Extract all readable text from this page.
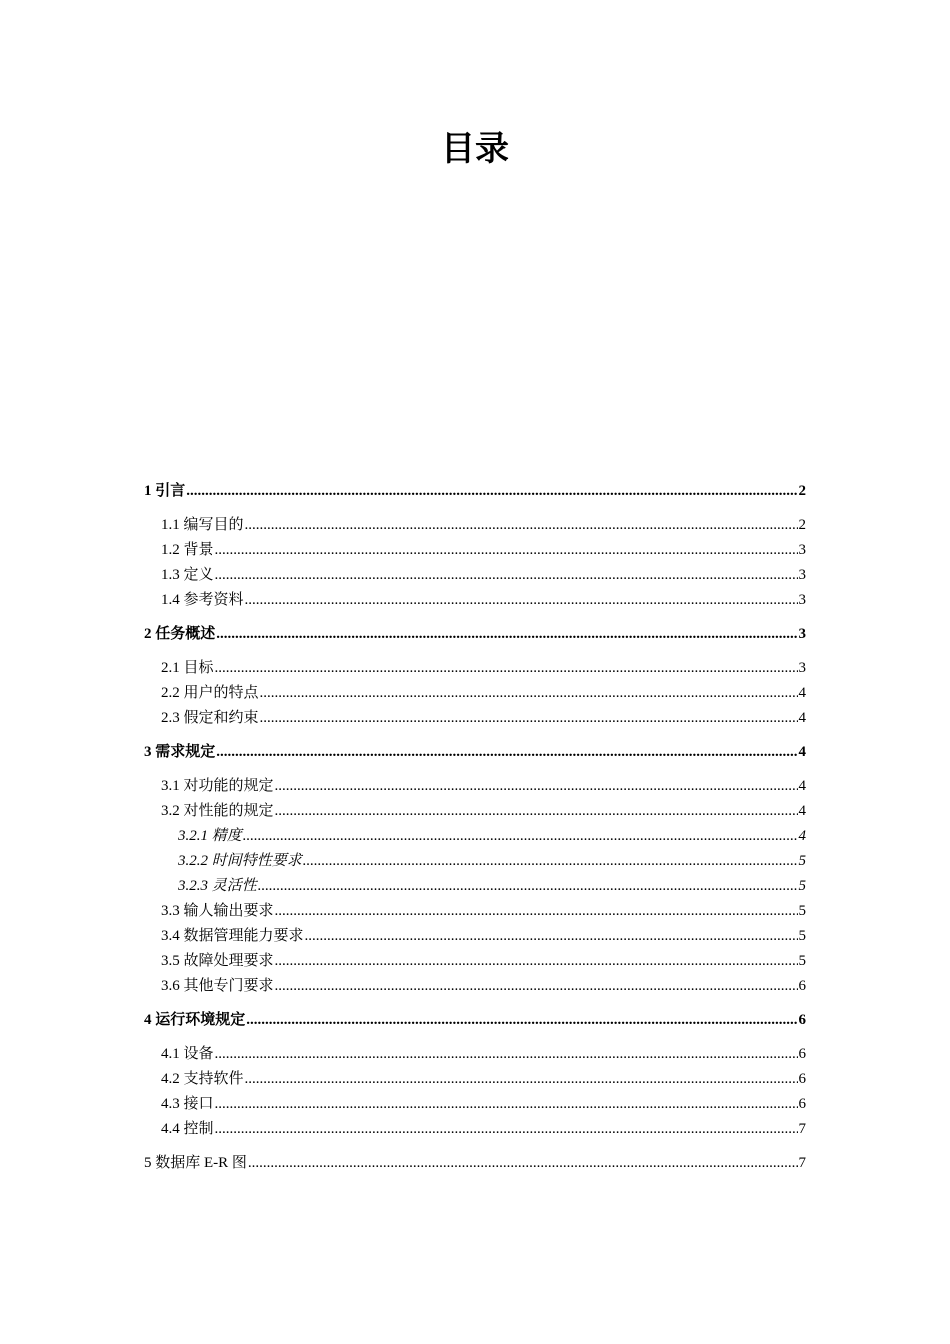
目录
1 引言 .....	2
1.1 编写目的 .....	2
1.2 背景 .....	3
1.3 定义 .....	3
1.4 参考资料 .....	3
2 任务概述 .....	3
2.1 目标 .....	3
2.2 用户的特点 .....	4
2.3 假定和约束 .....	4
3 需求规定 .....	4
3.1 对功能的规定 .....	4
3.2 对性能的规定 .....	4
3.2.1 精度 .....	4
3.2.2 时间特性要求 .....	5
3.2.3 灵活性 .....	5
3.3 输人输出要求 .....	5
3.4 数据管理能力要求 .....	5
3.5 故障处理要求 .....	5
3.6 其他专门要求 .....	6
4 运行环境规定 .....	6
4.1 设备 .....	6
4.2 支持软件 .....	6
4.3 接口 .....	6
4.4 控制 .....	7
5 数据库 E-R 图 .....	7
